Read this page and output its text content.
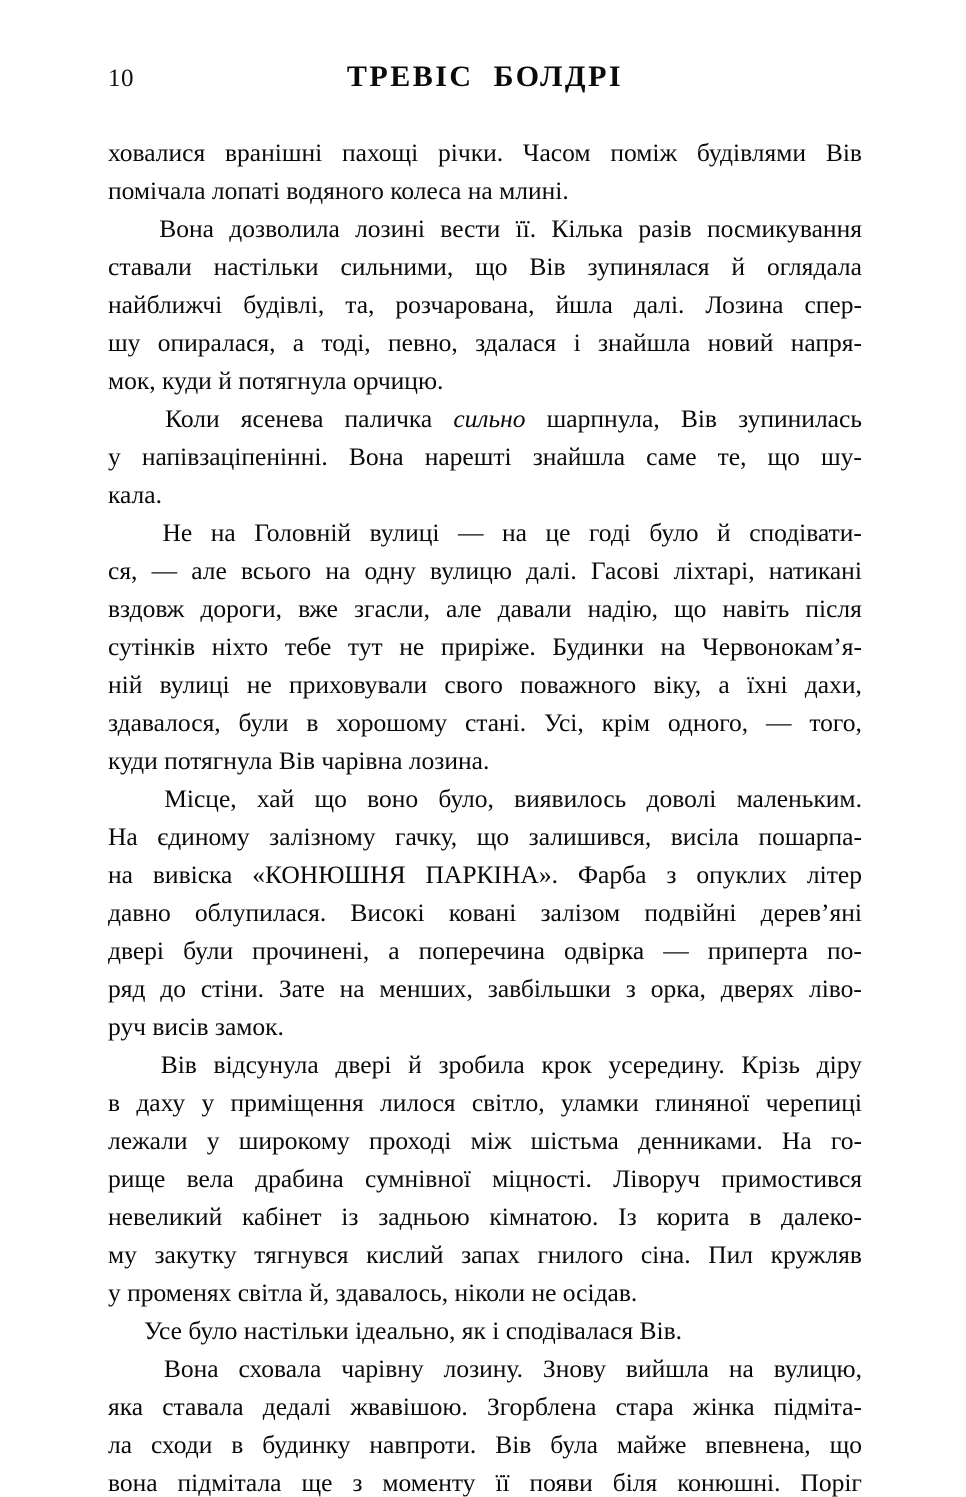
10	ТРЕВІС  БОЛДРІ
ховалися вранішні пахощі річки. Часом поміж будівлями Вів
помічала лопаті водяного колеса на млині.
Вона дозволила лозині вести її. Кілька разів посмикування
ставали настільки сильними, що Вів зупинялася й оглядала
найближчі будівлі, та, розчарована, йшла далі. Лозина спер-
шу опиралася, а тоді, певно, здалася і знайшла новий напря-
мок, куди й потягнула орчицю.
Коли ясенева паличка сильно шарпнула, Вів зупинилась
у напівзаціпенінні. Вона нарешті знайшла саме те, що шу-
кала.
Не на Головній вулиці — на це годі було й сподівати-
ся, — але всього на одну вулицю далі. Гасові ліхтарі, натикані
вздовж дороги, вже згасли, але давали надію, що навіть після
сутінків ніхто тебе тут не приріже. Будинки на Червонокам’я-
ній вулиці не приховували свого поважного віку, а їхні дахи,
здавалося, були в хорошому стані. Усі, крім одного, — того,
куди потягнула Вів чарівна лозина.
Місце, хай що воно було, виявилось доволі маленьким.
На єдиному залізному гачку, що залишився, висіла пошарпа-
на вивіска «КОНЮШНЯ ПАРКІНА». Фарба з опуклих літер
давно облупилася. Високі ковані залізом подвійні дерев’яні
двері були прочинені, а поперечина одвірка — приперта по-
ряд до стіни. Зате на менших, завбільшки з орка, дверях ліво-
руч висів замок.
Вів відсунула двері й зробила крок усередину. Крізь діру
в даху у приміщення лилося світло, уламки глиняної черепиці
лежали у широкому проході між шістьма денниками. На го-
рище вела драбина сумнівної міцності. Ліворуч примостився
невеликий кабінет із задньою кімнатою. Із корита в далеко-
му закутку тягнувся кислий запах гнилого сіна. Пил кружляв
у променях світла й, здавалось, ніколи не осідав.
Усе було настільки ідеально, як і сподівалася Вів.
Вона сховала чарівну лозину. Знову вийшла на вулицю,
яка ставала дедалі жвавішою. Згорблена стара жінка підміта-
ла сходи в будинку навпроти. Вів була майже впевнена, що
вона підмітала ще з моменту її появи біля конюшні. Поріг
